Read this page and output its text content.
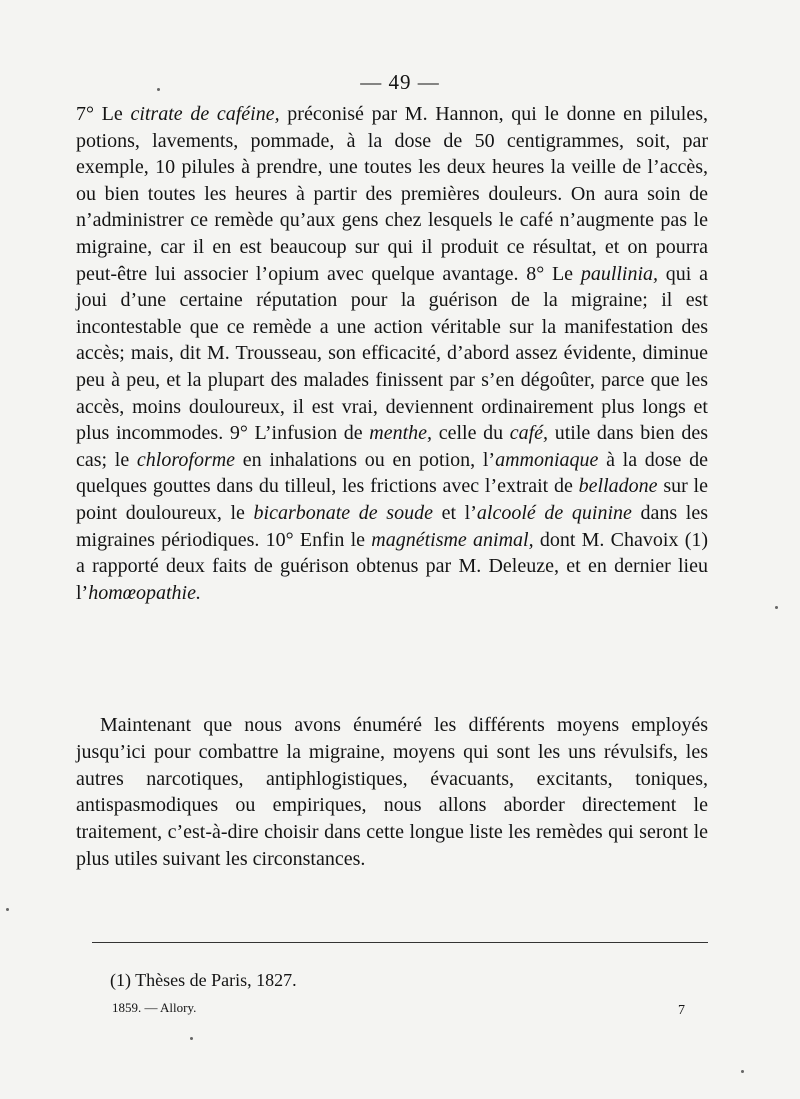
— 49 —

7° Le citrate de caféine, préconisé par M. Hannon, qui le donne en pilules, potions, lavements, pommade, à la dose de 50 centigrammes, soit, par exemple, 10 pilules à prendre, une toutes les deux heures la veille de l’accès, ou bien toutes les heures à partir des premières douleurs. On aura soin de n’administrer ce remède qu’aux gens chez lesquels le café n’augmente pas le migraine, car il en est beaucoup sur qui il produit ce résultat, et on pourra peut-être lui associer l’opium avec quelque avantage. 8° Le paullinia, qui a joui d’une certaine réputation pour la guérison de la migraine; il est incontestable que ce remède a une action véritable sur la manifestation des accès; mais, dit M. Trousseau, son efficacité, d’abord assez évidente, diminue peu à peu, et la plupart des malades finissent par s’en dégoûter, parce que les accès, moins douloureux, il est vrai, deviennent ordinairement plus longs et plus incommodes. 9° L’infusion de menthe, celle du café, utile dans bien des cas; le chloroforme en inhalations ou en potion, l’ammoniaque à la dose de quelques gouttes dans du tilleul, les frictions avec l’extrait de belladone sur le point douloureux, le bicarbonate de soude et l’alcoolé de quinine dans les migraines périodiques. 10° Enfin le magnétisme animal, dont M. Chavoix (1) a rapporté deux faits de guérison obtenus par M. Deleuze, et en dernier lieu l’homœopathie.

Maintenant que nous avons énuméré les différents moyens employés jusqu’ici pour combattre la migraine, moyens qui sont les uns révulsifs, les autres narcotiques, antiphlogistiques, évacuants, excitants, toniques, antispasmodiques ou empiriques, nous allons aborder directement le traitement, c’est-à-dire choisir dans cette longue liste les remèdes qui seront le plus utiles suivant les circonstances.

(1) Thèses de Paris, 1827.
1859. — Allory.	7
